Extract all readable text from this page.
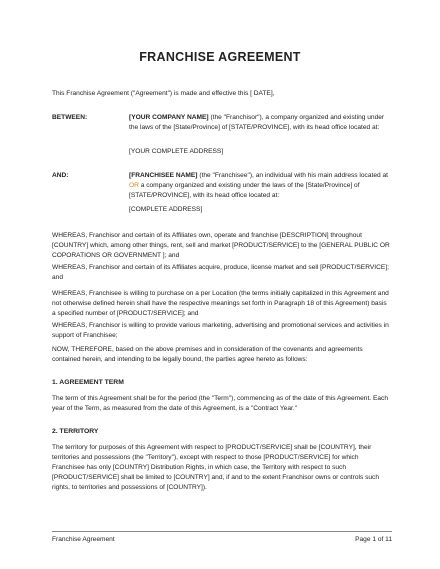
FRANCHISE AGREEMENT
This Franchise Agreement ("Agreement") is made and effective this [ DATE],
BETWEEN:	[YOUR COMPANY NAME] (the "Franchisor"), a company organized and existing under the laws of the [State/Province] of [STATE/PROVINCE], with its head office located at:
[YOUR COMPLETE ADDRESS]
AND:	[FRANCHISEE NAME] (the "Franchisee"), an individual with his main address located at OR a company organized and existing under the laws of the [State/Province] of [STATE/PROVINCE], with its head office located at:
[COMPLETE ADDRESS]
WHEREAS, Franchisor and certain of its Affiliates own, operate and franchise [DESCRIPTION] throughout [COUNTRY] which, among other things, rent, sell and market [PRODUCT/SERVICE] to the [GENERAL PUBLIC OR COPORATIONS OR GOVERNMENT ]; and
WHEREAS, Franchisor and certain of its Affiliates acquire, produce, license market and sell [PRODUCT/SERVICE]; and
WHEREAS, Franchisee is willing to purchase on a per Location (the terms initially capitalized in this Agreement and not otherwise defined herein shall have the respective meanings set forth in Paragraph 18 of this Agreement) basis a specified number of [PRODUCT/SERVICE]; and
WHEREAS, Franchisor is willing to provide various marketing, advertising and promotional services and activities in support of Franchisee;
NOW, THEREFORE, based on the above premises and in consideration of the covenants and agreements contained herein, and intending to be legally bound, the parties agree hereto as follows:
1. AGREEMENT TERM
The term of this Agreement shall be for the period (the "Term"), commencing as of the date of this Agreement. Each year of the Term, as measured from the date of this Agreement, is a "Contract Year."
2. TERRITORY
The territory for purposes of this Agreement with respect to [PRODUCT/SERVICE] shall be [COUNTRY], their territories and possessions (the "Territory"), except with respect to those [PRODUCT/SERVICE] for which Franchisee has only [COUNTRY] Distribution Rights, in which case, the Territory with respect to such [PRODUCT/SERVICE] shall be limited to [COUNTRY] and, if and to the extent Franchisor owns or controls such rights, to territories and possessions of [COUNTRY]).
Franchise Agreement	Page 1 of 11
